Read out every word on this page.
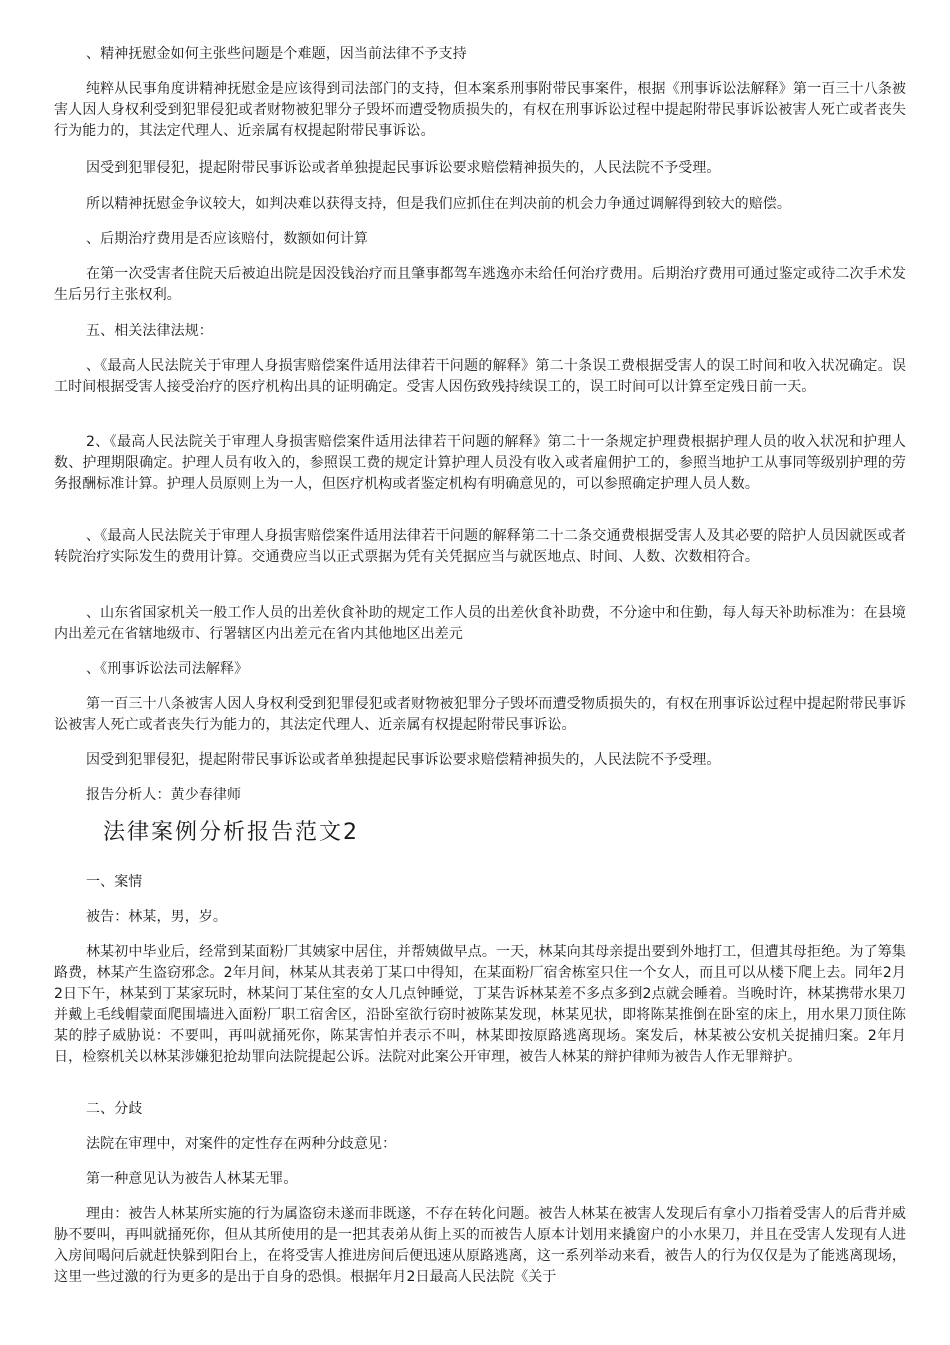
、精神抚慰金如何主张些问题是个难题，因当前法律不予支持

纯粹从民事角度讲精神抚慰金是应该得到司法部门的支持，但本案系刑事附带民事案件，根据《刑事诉讼法解释》第一百三十八条被害人因人身权利受到犯罪侵犯或者财物被犯罪分子毁坏而遭受物质损失的，有权在刑事诉讼过程中提起附带民事诉讼被害人死亡或者丧失行为能力的，其法定代理人、近亲属有权提起附带民事诉讼。

因受到犯罪侵犯，提起附带民事诉讼或者单独提起民事诉讼要求赔偿精神损失的，人民法院不予受理。

所以精神抚慰金争议较大，如判决难以获得支持，但是我们应抓住在判决前的机会力争通过调解得到较大的赔偿。

、后期治疗费用是否应该赔付，数额如何计算

在第一次受害者住院天后被迫出院是因没钱治疗而且肇事都驾车逃逸亦未给任何治疗费用。后期治疗费用可通过鉴定或待二次手术发生后另行主张权利。

五、相关法律法规：

、《最高人民法院关于审理人身损害赔偿案件适用法律若干问题的解释》第二十条误工费根据受害人的误工时间和收入状况确定。误工时间根据受害人接受治疗的医疗机构出具的证明确定。受害人因伤致残持续误工的，误工时间可以计算至定残日前一天。

2、《最高人民法院关于审理人身损害赔偿案件适用法律若干问题的解释》第二十一条规定护理费根据护理人员的收入状况和护理人数、护理期限确定。护理人员有收入的，参照误工费的规定计算护理人员没有收入或者雇佣护工的，参照当地护工从事同等级别护理的劳务报酬标准计算。护理人员原则上为一人，但医疗机构或者鉴定机构有明确意见的，可以参照确定护理人员人数。

、《最高人民法院关于审理人身损害赔偿案件适用法律若干问题的解释第二十二条交通费根据受害人及其必要的陪护人员因就医或者转院治疗实际发生的费用计算。交通费应当以正式票据为凭有关凭据应当与就医地点、时间、人数、次数相符合。

、山东省国家机关一般工作人员的出差伙食补助的规定工作人员的出差伙食补助费，不分途中和住勤，每人每天补助标准为：在县境内出差元在省辖地级市、行署辖区内出差元在省内其他地区出差元

、《刑事诉讼法司法解释》

第一百三十八条被害人因人身权利受到犯罪侵犯或者财物被犯罪分子毁坏而遭受物质损失的，有权在刑事诉讼过程中提起附带民事诉讼被害人死亡或者丧失行为能力的，其法定代理人、近亲属有权提起附带民事诉讼。

因受到犯罪侵犯，提起附带民事诉讼或者单独提起民事诉讼要求赔偿精神损失的，人民法院不予受理。

报告分析人：黄少春律师

法律案例分析报告范文2

一、案情

被告：林某，男，岁。

林某初中毕业后，经常到某面粉厂其姨家中居住，并帮姨做早点。一天，林某向其母亲提出要到外地打工，但遭其母拒绝。为了筹集路费，林某产生盗窃邪念。2年月间，林某从其表弟丁某口中得知，在某面粉厂宿舍栋室只住一个女人，而且可以从楼下爬上去。同年2月2日下午，林某到丁某家玩时，林某问丁某住室的女人几点钟睡觉，丁某告诉林某差不多点多到2点就会睡着。当晚时许，林某携带水果刀并戴上毛线帽蒙面爬围墙进入面粉厂职工宿舍区，沿卧室欲行窃时被陈某发现，林某见状，即将陈某推倒在卧室的床上，用水果刀顶住陈某的脖子威胁说：不要叫，再叫就捅死你，陈某害怕并表示不叫，林某即按原路逃离现场。案发后，林某被公安机关捉捕归案。2年月日，检察机关以林某涉嫌犯抢劫罪向法院提起公诉。法院对此案公开审理，被告人林某的辩护律师为被告人作无罪辩护。

二、分歧

法院在审理中，对案件的定性存在两种分歧意见：

第一种意见认为被告人林某无罪。

理由：被告人林某所实施的行为属盗窃未遂而非既遂，不存在转化问题。被告人林某在被害人发现后有拿小刀指着受害人的后背并威胁不要叫，再叫就捅死你，但从其所使用的是一把其表弟从街上买的而被告人原本计划用来撬窗户的小水果刀，并且在受害人发现有人进入房间喝问后就赶快躲到阳台上，在将受害人推进房间后便迅速从原路逃离，这一系列举动来看，被告人的行为仅仅是为了能逃离现场，这里一些过激的行为更多的是出于自身的恐惧。根据年月2日最高人民法院《关于
